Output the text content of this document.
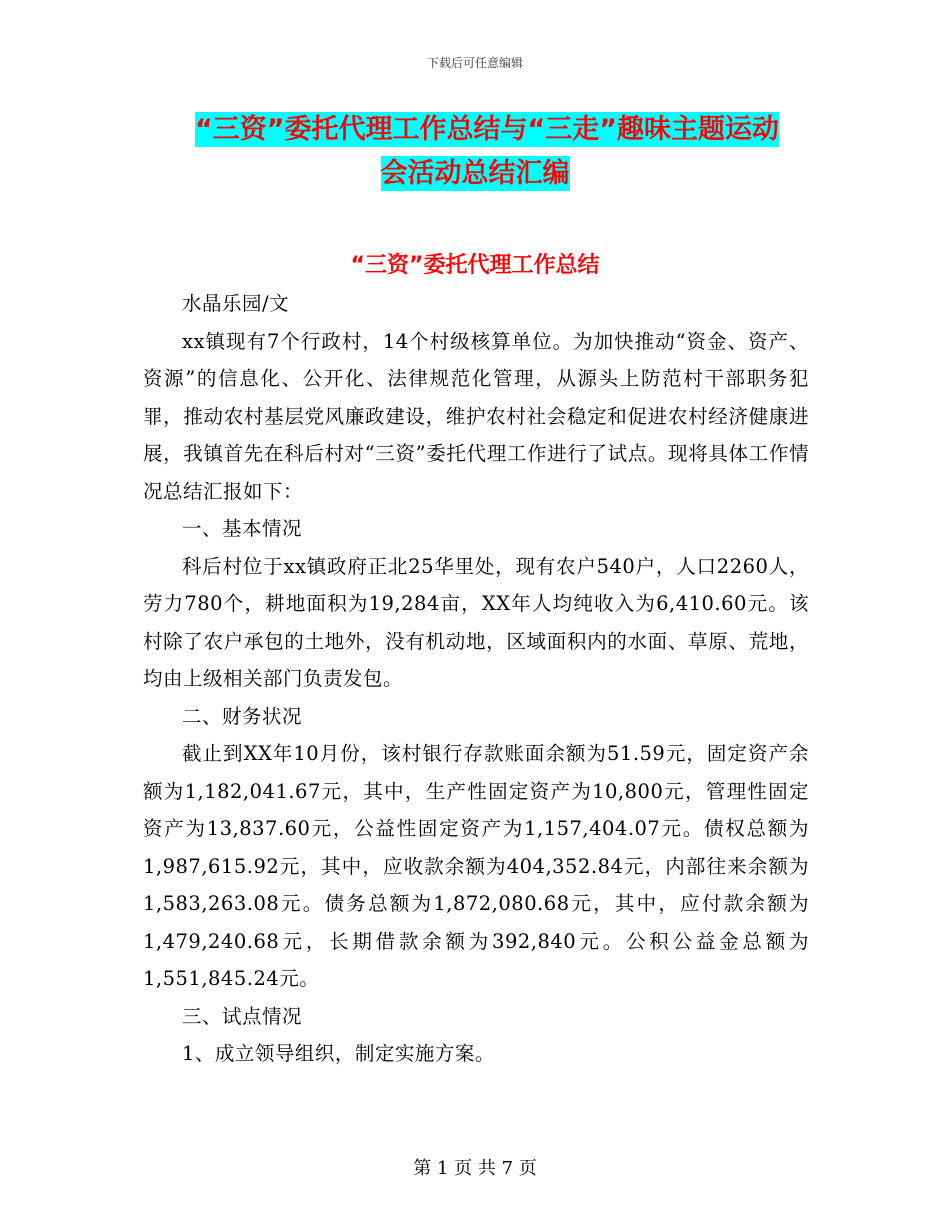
下载后可任意编辑
“三资”委托代理工作总结与“三走”趣味主题运动
会活动总结汇编
“三资”委托代理工作总结

水晶乐园/文

xx镇现有7个行政村，14个村级核算单位。为加快推动“资金、资产、资源”的信息化、公开化、法律规范化管理，从源头上防范村干部职务犯罪，推动农村基层党风廉政建设，维护农村社会稳定和促进农村经济健康进展，我镇首先在科后村对“三资”委托代理工作进行了试点。现将具体工作情况总结汇报如下：

一、基本情况

科后村位于xx镇政府正北25华里处，现有农户540户，人口2260人，劳力780个，耕地面积为19,284亩，XX年人均纯收入为6,410.60元。该村除了农户承包的土地外，没有机动地，区域面积内的水面、草原、荒地，均由上级相关部门负责发包。

二、财务状况

截止到XX年10月份，该村银行存款账面余额为51.59元，固定资产余额为1,182,041.67元，其中，生产性固定资产为10,800元，管理性固定资产为13,837.60元，公益性固定资产为1,157,404.07元。债权总额为1,987,615.92元，其中，应收款余额为404,352.84元，内部往来余额为1,583,263.08元。债务总额为1,872,080.68元，其中，应付款余额为1,479,240.68元，长期借款余额为392,840元。公积公益金总额为1,551,845.24元。

三、试点情况

1、成立领导组织，制定实施方案。

第 1 页 共 7 页
